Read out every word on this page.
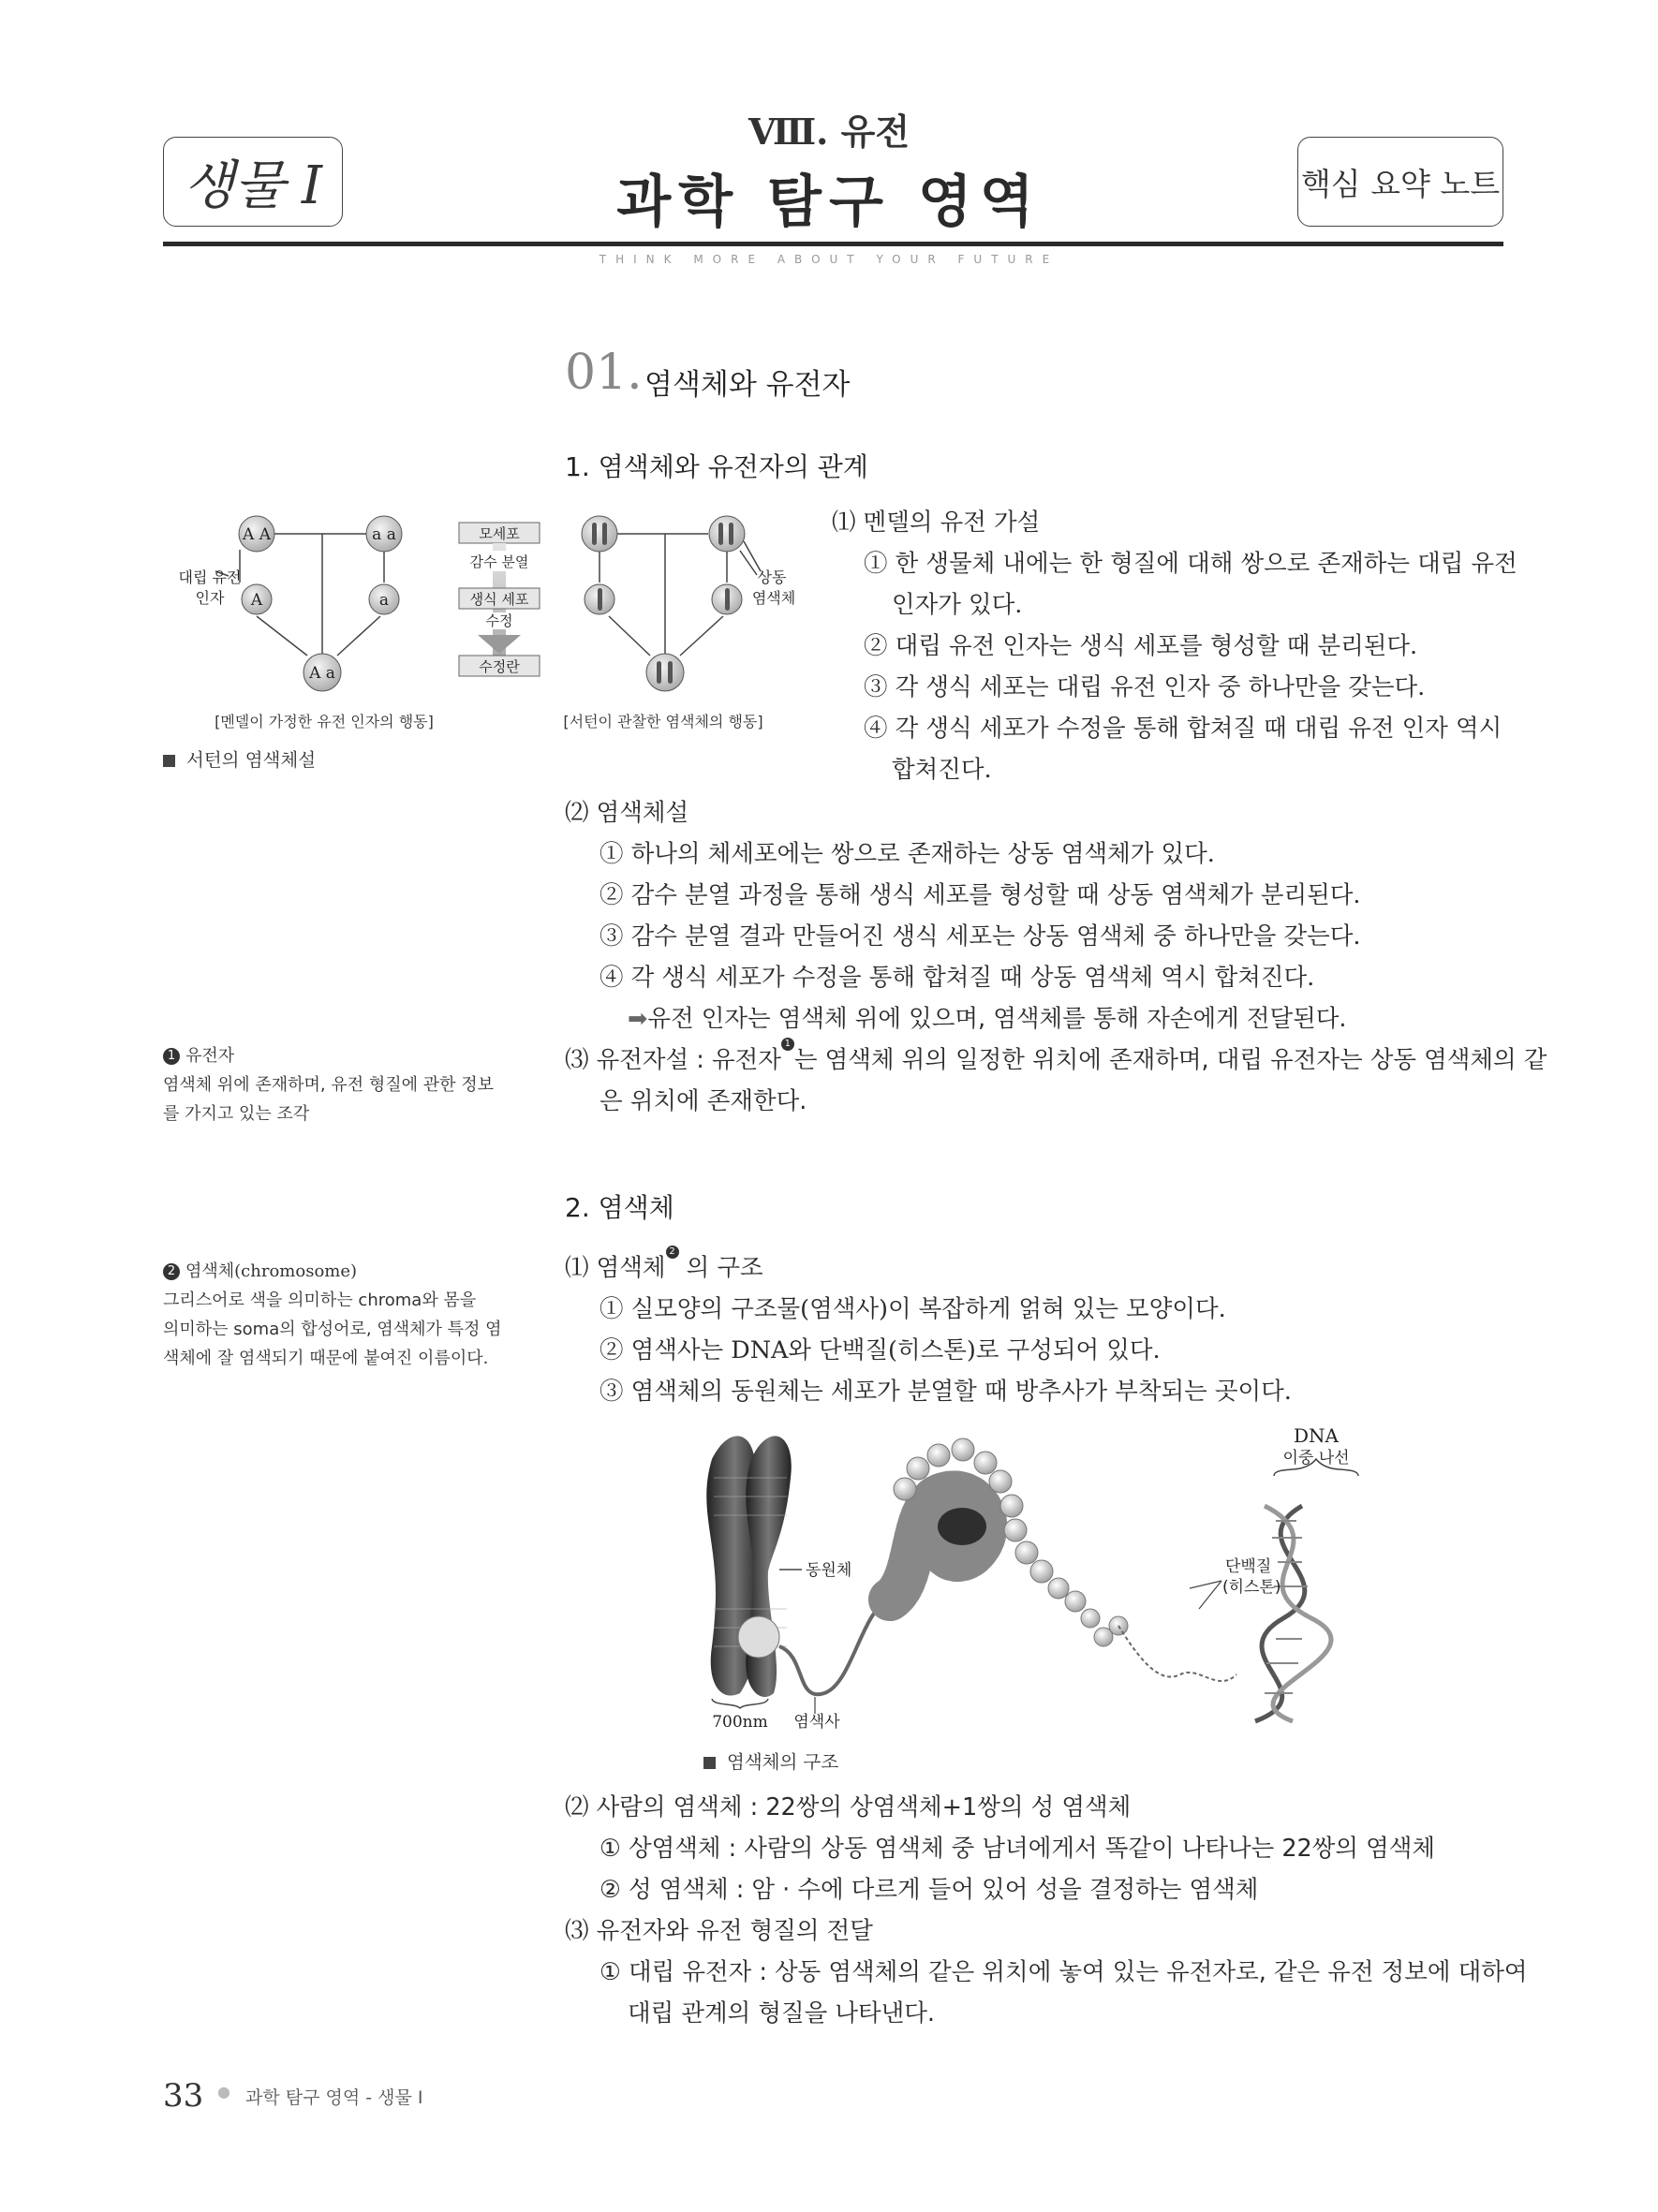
생물 Ⅰ
Ⅷ. 유전
과학 탐구 영역	핵심 요약 노트
THINK MORE ABOUT YOUR FUTURE
01. 염색체와 유전자
1. 염색체와 유전자의 관계
A A	a a
A	a
A a
대립 유전
인자
모세포
감수 분열
생식 세포
수정
수정란
상동
염색체
[멘델이 가정한 유전 인자의 행동]	[서턴이 관찰한 염색체의 행동]
서턴의 염색체설
⑴ 멘델의 유전 가설
① 한 생물체 내에는 한 형질에 대해 쌍으로 존재하는 대립 유전
인자가 있다.
② 대립 유전 인자는 생식 세포를 형성할 때 분리된다.
③ 각 생식 세포는 대립 유전 인자 중 하나만을 갖는다.
④ 각 생식 세포가 수정을 통해 합쳐질 때 대립 유전 인자 역시
합쳐진다.
⑵ 염색체설
① 하나의 체세포에는 쌍으로 존재하는 상동 염색체가 있다.
② 감수 분열 과정을 통해 생식 세포를 형성할 때 상동 염색체가 분리된다.
③ 감수 분열 결과 만들어진 생식 세포는 상동 염색체 중 하나만을 갖는다.
④ 각 생식 세포가 수정을 통해 합쳐질 때 상동 염색체 역시 합쳐진다.
➡유전 인자는 염색체 위에 있으며, 염색체를 통해 자손에게 전달된다.
⑶ 유전자설 : 유전자$^1$는 염색체 위의 일정한 위치에 존재하며, 대립 유전자는 상동 염색체의 같
은 위치에 존재한다.
1 유전자
염색체 위에 존재하며, 유전 형질에 관한 정보
를 가지고 있는 조각
2. 염색체
2 염색체(chromosome)
그리스어로 색을 의미하는 chroma와 몸을
의미하는 soma의 합성어로, 염색체가 특정 염
색체에 잘 염색되기 때문에 붙여진 이름이다.
⑴ 염색체$^2$ 의 구조
① 실모양의 구조물(염색사)이 복잡하게 얽혀 있는 모양이다.
② 염색사는 DNA와 단백질(히스톤)로 구성되어 있다.
③ 염색체의 동원체는 세포가 분열할 때 방추사가 부착되는 곳이다.
DNA
이중 나선
동원체	단백질
(히스톤)
700nm 염색사
염색체의 구조
⑵ 사람의 염색체 : 22쌍의 상염색체+1쌍의 성 염색체
① 상염색체 : 사람의 상동 염색체 중 남녀에게서 똑같이 나타나는 22쌍의 염색체
② 성 염색체 : 암 · 수에 다르게 들어 있어 성을 결정하는 염색체
⑶ 유전자와 유전 형질의 전달
① 대립 유전자 : 상동 염색체의 같은 위치에 놓여 있는 유전자로, 같은 유전 정보에 대하여
대립 관계의 형질을 나타낸다.
33 ● 과학 탐구 영역 - 생물 Ⅰ
